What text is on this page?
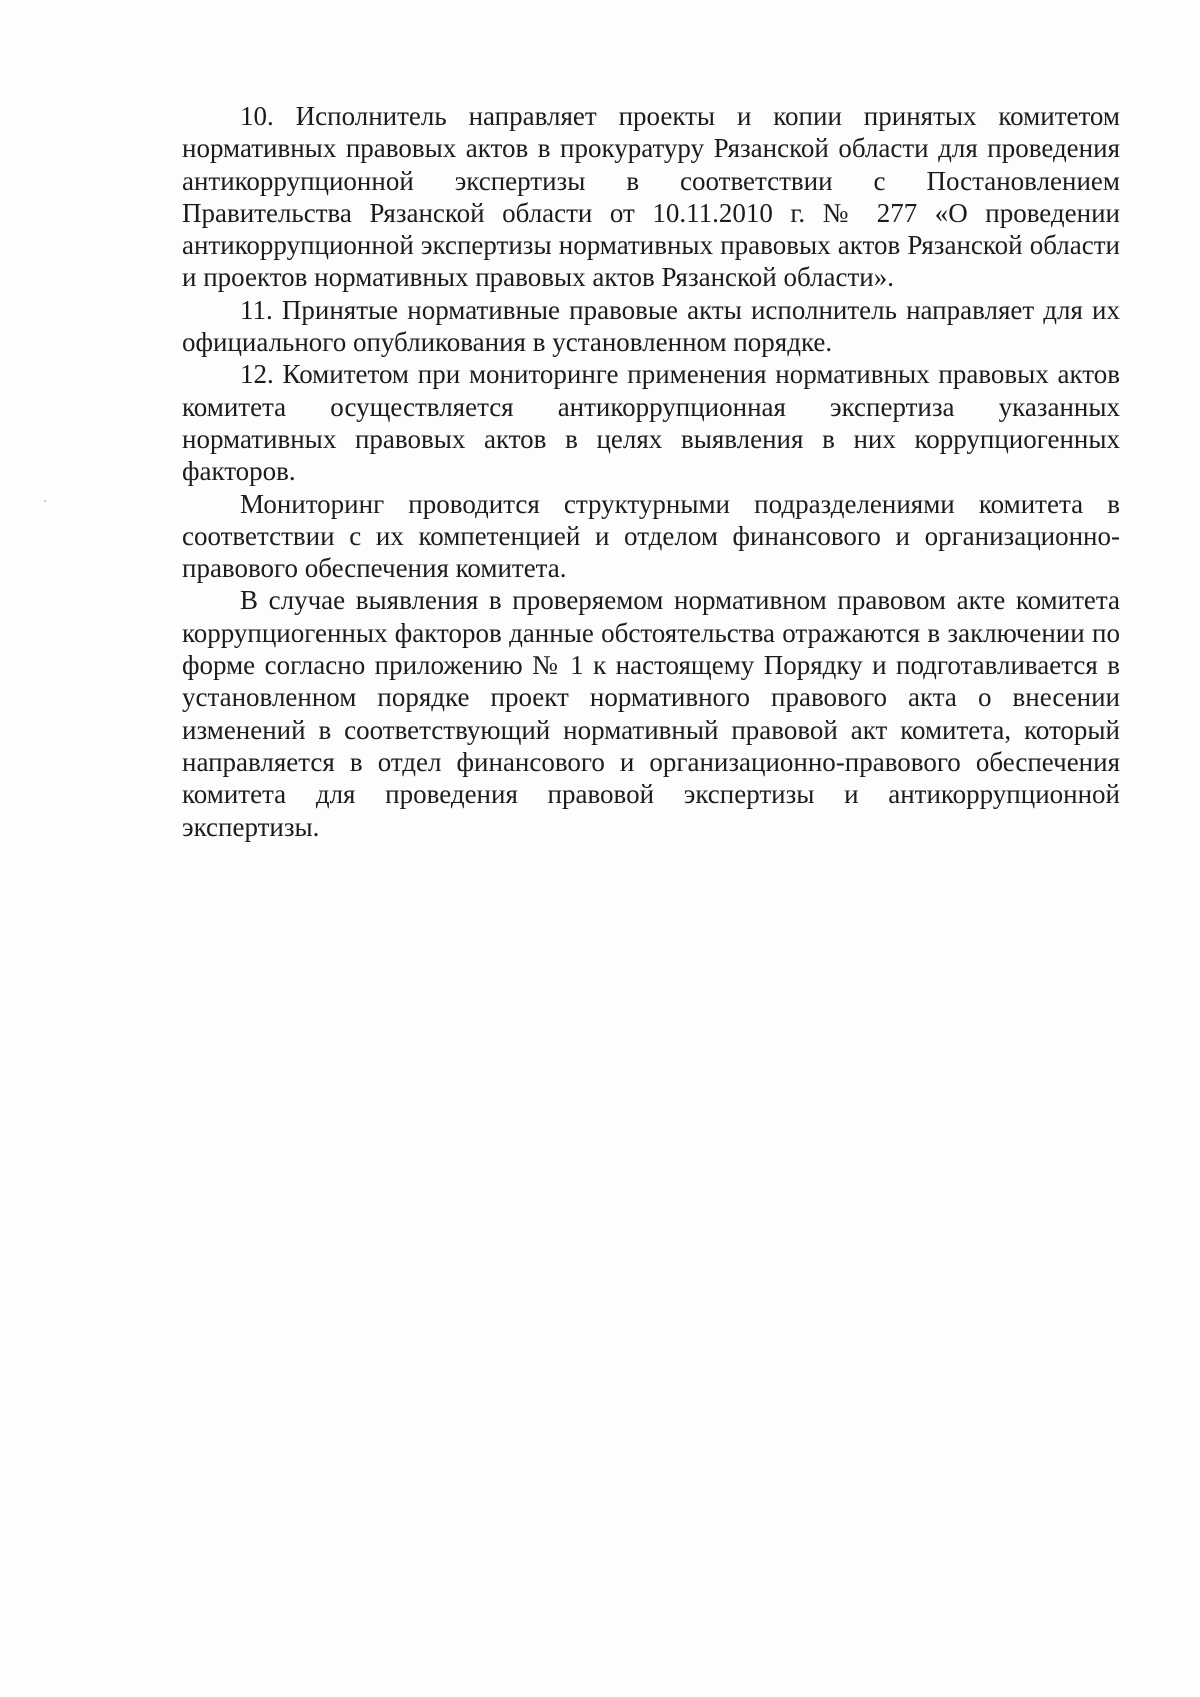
10. Исполнитель направляет проекты и копии принятых комитетом нормативных правовых актов в прокуратуру Рязанской области для проведения антикоррупционной экспертизы в соответствии с Постановлением Правительства Рязанской области от 10.11.2010 г. № 277 «О проведении антикоррупционной экспертизы нормативных правовых актов Рязанской области и проектов нормативных правовых актов Рязанской области».

11. Принятые нормативные правовые акты исполнитель направляет для их официального опубликования в установленном порядке.

12. Комитетом при мониторинге применения нормативных правовых актов комитета осуществляется антикоррупционная экспертиза указанных нормативных правовых актов в целях выявления в них коррупциогенных факторов.

Мониторинг проводится структурными подразделениями комитета в соответствии с их компетенцией и отделом финансового и организационно-правового обеспечения комитета.

В случае выявления в проверяемом нормативном правовом акте комитета коррупциогенных факторов данные обстоятельства отражаются в заключении по форме согласно приложению № 1 к настоящему Порядку и подготавливается в установленном порядке проект нормативного правового акта о внесении изменений в соответствующий нормативный правовой акт комитета, который направляется в отдел финансового и организационно-правового обеспечения комитета для проведения правовой экспертизы и антикоррупционной экспертизы.
